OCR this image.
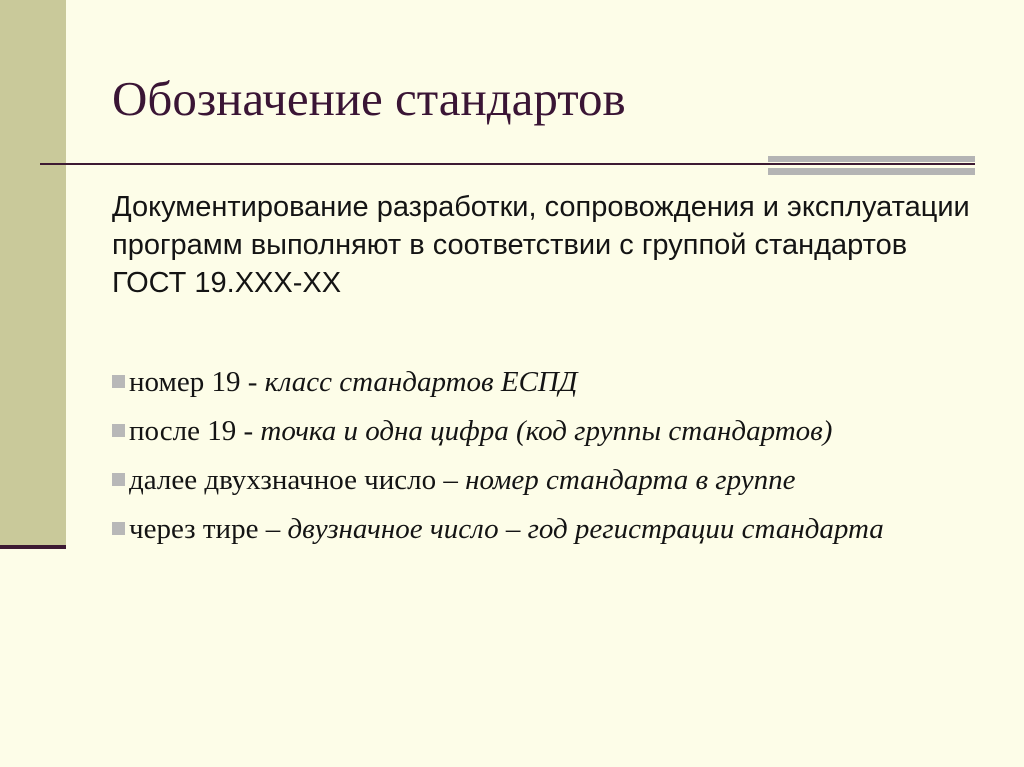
Обозначение стандартов

Документирование разработки, сопровождения и эксплуатации программ выполняют в соответствии с группой стандартов ГОСТ 19.XXX-XX

номер 19 - класс стандартов ЕСПД
после 19 - точка и одна цифра (код группы стандартов)
далее двухзначное число – номер стандарта в группе
через тире – двузначное число – год регистрации стандарта
